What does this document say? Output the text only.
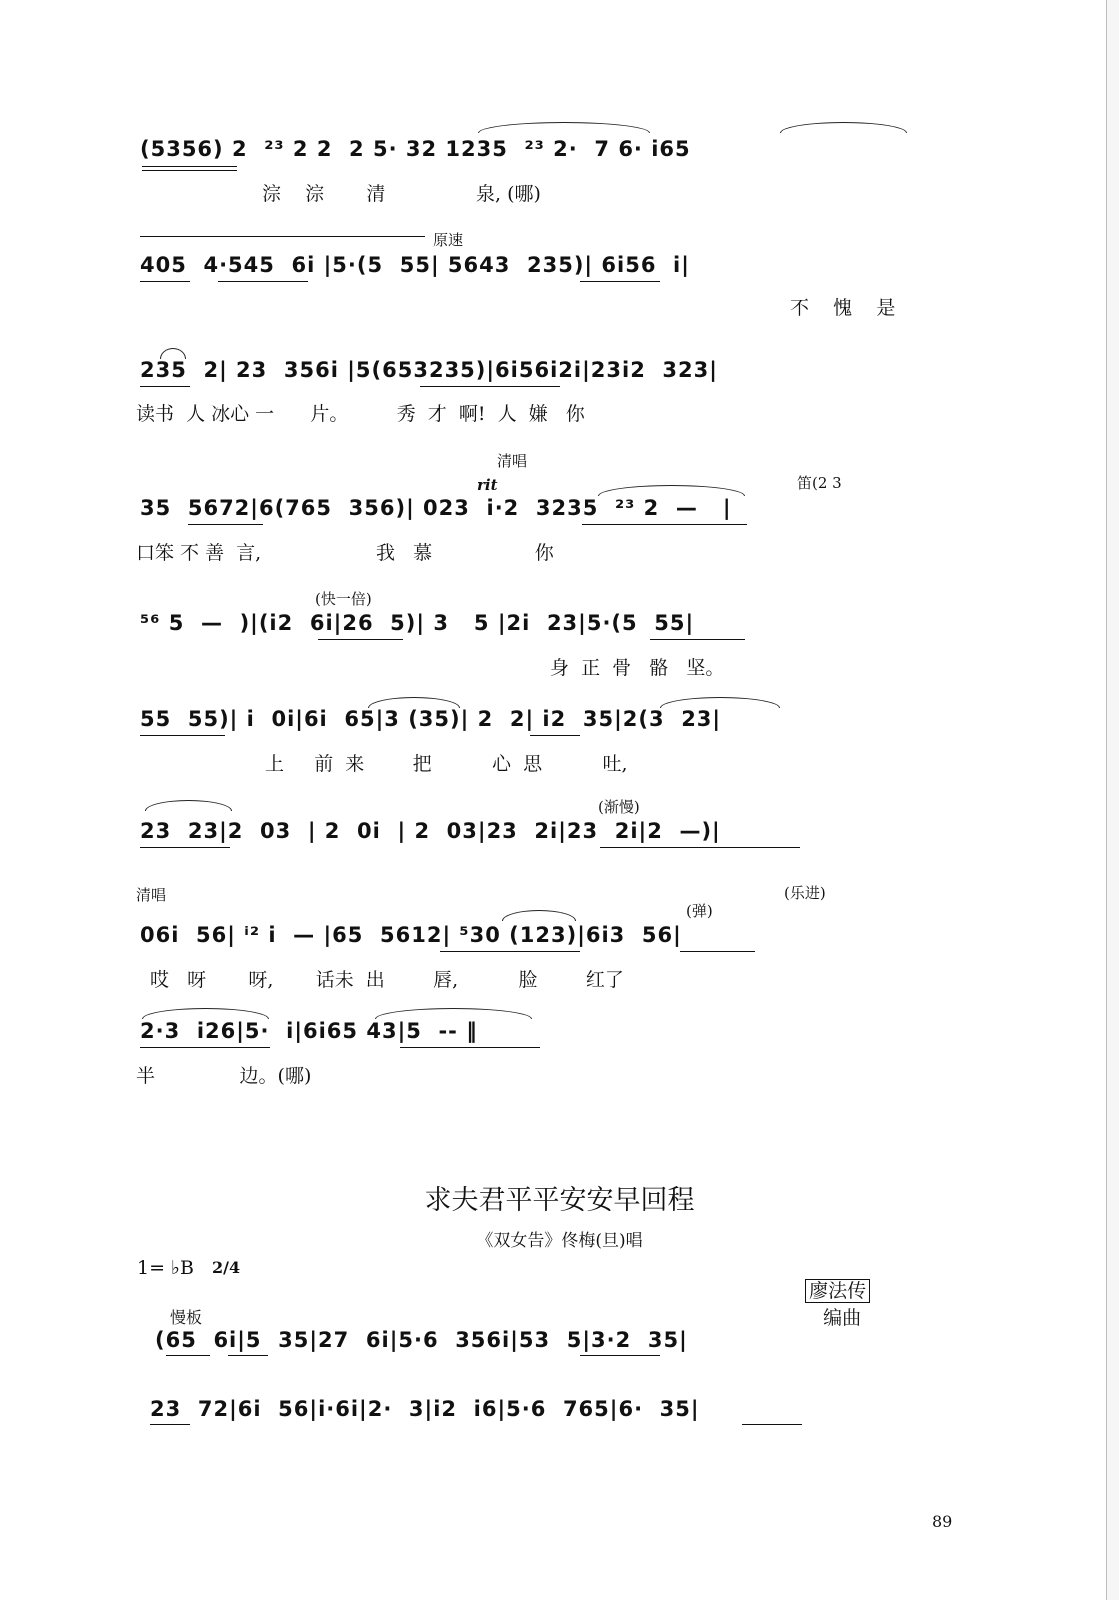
(5356) 2  ²³ 2 2  2 5· 32 1235  ²³ 2·  7 6· i65
淙    淙       清               泉, (哪)
原速
405  4·545  6i |5·(5  55| 5643  235)| 6i56  i|
不    愧    是
235  2| 23  356i |5(653235)|6i56i2i|23i2  323|
读书  人 冰心 一      片。        秀  才  啊!  人  嫌   你
清唱
rit	笛(2 3
35  5672|6(765  356)| 023  i·2  3235  ²³ 2  —   |
口笨 不 善  言,                   我   慕                 你
(快一倍)
⁵⁶ 5  —  )|(i2  6i|26  5)| 3   5 |2i  23|5·(5  55|
身  正  骨   骼   坚。
55  55)| i  0i|6i  65|3 (35)| 2  2| i2  35|2(3  23|
上     前  来        把          心  思          吐,
(渐慢)
23  23|2  03  | 2  0i  | 2  03|23  2i|23  2i|2  —)|
清唱
(弹)
(乐进)
06i  56| ⁱ² i  — |65  5612| ⁵30 (123)|6i3  56|
哎   呀       呀,       话未  出        唇,          脸        红了
2·3  i26|5·  i|6i65 43|5  -- ‖
半              边。(哪)
求夫君平平安安早回程
《双女告》佟梅(旦)唱
1= ♭B 2/4

廖法传
编曲

慢板
(65  6i|5  35|27  6i|5·6  356i|53  5|3·2  35|
23  72|6i  56|i·6i|2·  3|i2  i6|5·6  765|6·  35|
89
